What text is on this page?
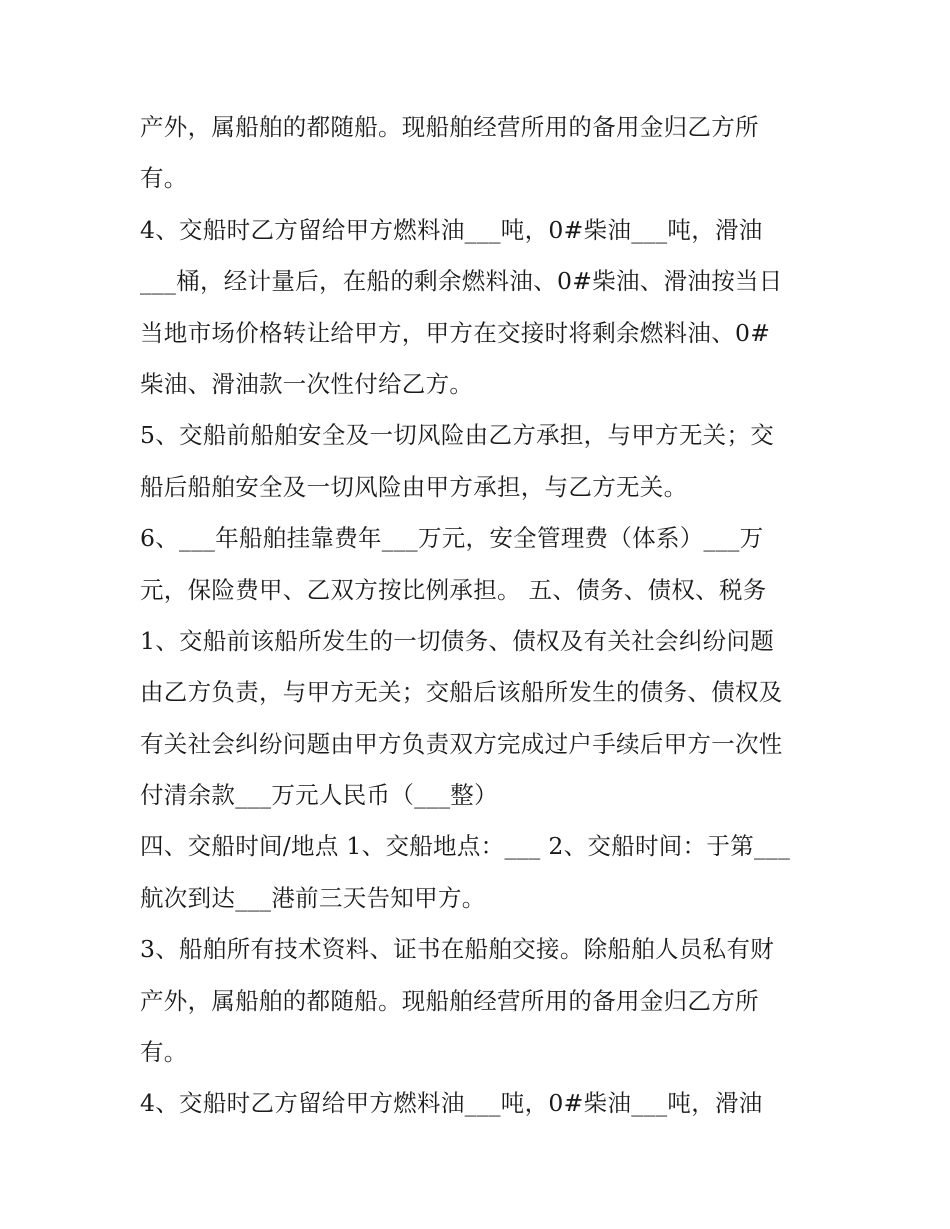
产外，属船舶的都随船。现船舶经营所用的备用金归乙方所
有。
4、交船时乙方留给甲方燃料油___吨，0#柴油___吨，滑油
___桶，经计量后，在船的剩余燃料油、0#柴油、滑油按当日
当地市场价格转让给甲方，甲方在交接时将剩余燃料油、0#
柴油、滑油款一次性付给乙方。
5、交船前船舶安全及一切风险由乙方承担，与甲方无关；交
船后船舶安全及一切风险由甲方承担，与乙方无关。
6、___年船舶挂靠费年___万元，安全管理费（体系）___万
元，保险费甲、乙双方按比例承担。 五、债务、债权、税务
1、交船前该船所发生的一切债务、债权及有关社会纠纷问题
由乙方负责，与甲方无关；交船后该船所发生的债务、债权及
有关社会纠纷问题由甲方负责双方完成过户手续后甲方一次性
付清余款___万元人民币（___整）
四、交船时间/地点 1、交船地点：___ 2、交船时间：于第___
航次到达___港前三天告知甲方。
3、船舶所有技术资料、证书在船舶交接。除船舶人员私有财
产外，属船舶的都随船。现船舶经营所用的备用金归乙方所
有。
4、交船时乙方留给甲方燃料油___吨，0#柴油___吨，滑油
